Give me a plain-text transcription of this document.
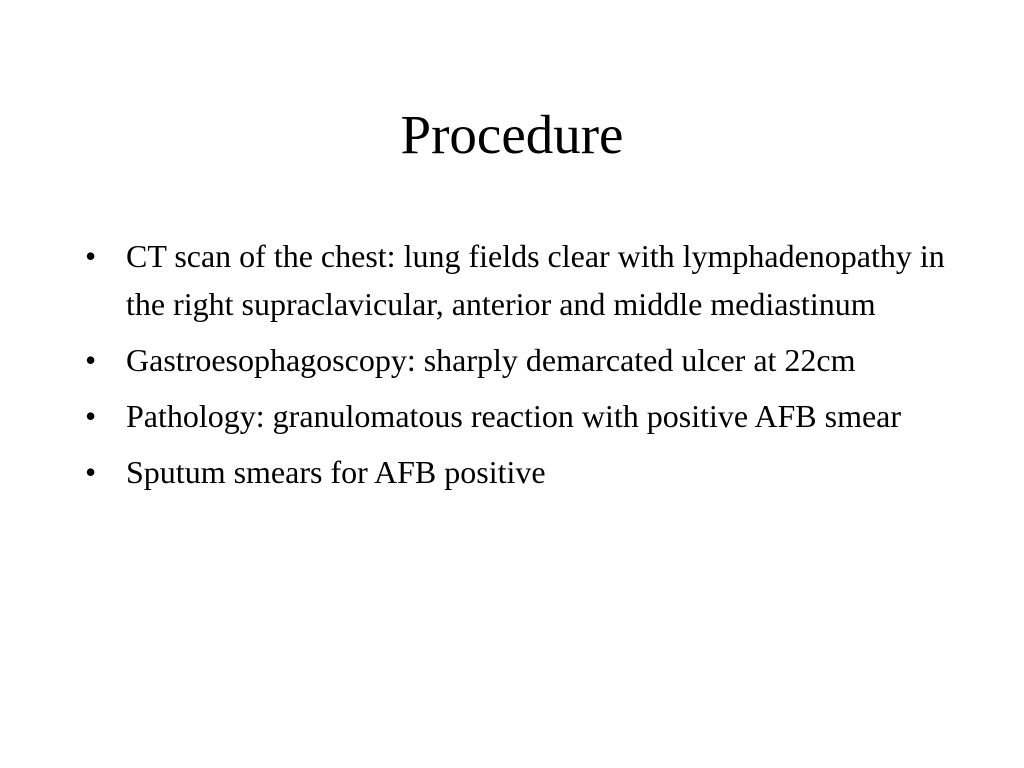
Procedure
• CT scan of the chest: lung fields clear with lymphadenopathy in the right supraclavicular, anterior and middle mediastinum
• Gastroesophagoscopy: sharply demarcated ulcer at 22cm
• Pathology: granulomatous reaction with positive AFB smear
• Sputum smears for AFB positive
